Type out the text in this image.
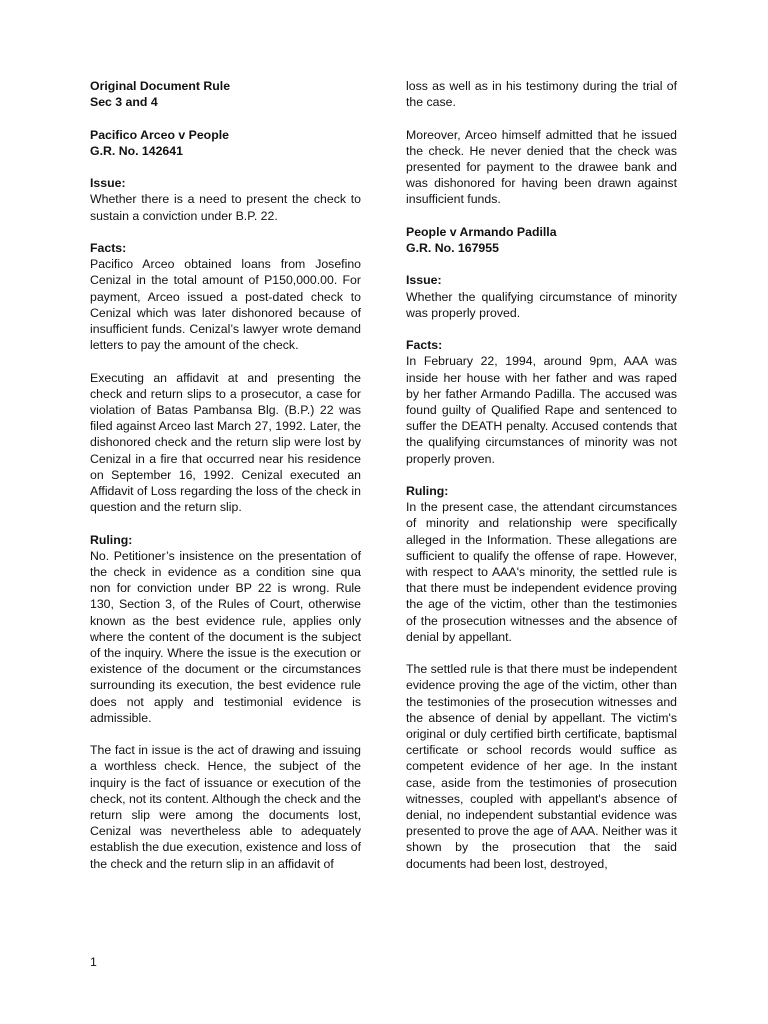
Original Document Rule
Sec 3 and 4
Pacifico Arceo v People
G.R. No. 142641
Issue:

Whether there is a need to present the check to sustain a conviction under B.P. 22.

Facts:

Pacifico Arceo obtained loans from Josefino Cenizal in the total amount of P150,000.00. For payment, Arceo issued a post-dated check to Cenizal which was later dishonored because of insufficient funds. Cenizal’s lawyer wrote demand letters to pay the amount of the check.

Executing an affidavit at and presenting the check and return slips to a prosecutor, a case for violation of Batas Pambansa Blg. (B.P.) 22 was filed against Arceo last March 27, 1992. Later, the dishonored check and the return slip were lost by Cenizal in a fire that occurred near his residence on September 16, 1992. Cenizal executed an Affidavit of Loss regarding the loss of the check in question and the return slip.

Ruling:

No. Petitioner’s insistence on the presentation of the check in evidence as a condition sine qua non for conviction under BP 22 is wrong. Rule 130, Section 3, of the Rules of Court, otherwise known as the best evidence rule, applies only where the content of the document is the subject of the inquiry. Where the issue is the execution or existence of the document or the circumstances surrounding its execution, the best evidence rule does not apply and testimonial evidence is admissible.

The fact in issue is the act of drawing and issuing a worthless check. Hence, the subject of the inquiry is the fact of issuance or execution of the check, not its content. Although the check and the return slip were among the documents lost, Cenizal was nevertheless able to adequately establish the due execution, existence and loss of the check and the return slip in an affidavit of

loss as well as in his testimony during the trial of the case.

Moreover, Arceo himself admitted that he issued the check. He never denied that the check was presented for payment to the drawee bank and was dishonored for having been drawn against insufficient funds.

People v Armando Padilla
G.R. No. 167955
Issue:

Whether the qualifying circumstance of minority was properly proved.

Facts:

In February 22, 1994, around 9pm, AAA was inside her house with her father and was raped by her father Armando Padilla. The accused was found guilty of Qualified Rape and sentenced to suffer the DEATH penalty. Accused contends that the qualifying circumstances of minority was not properly proven.

Ruling:

In the present case, the attendant circumstances of minority and relationship were specifically alleged in the Information. These allegations are sufficient to qualify the offense of rape. However, with respect to AAA's minority, the settled rule is that there must be independent evidence proving the age of the victim, other than the testimonies of the prosecution witnesses and the absence of denial by appellant.

The settled rule is that there must be independent evidence proving the age of the victim, other than the testimonies of the prosecution witnesses and the absence of denial by appellant. The victim's original or duly certified birth certificate, baptismal certificate or school records would suffice as competent evidence of her age. In the instant case, aside from the testimonies of prosecution witnesses, coupled with appellant's absence of denial, no independent substantial evidence was presented to prove the age of AAA. Neither was it shown by the prosecution that the said documents had been lost, destroyed,

1
